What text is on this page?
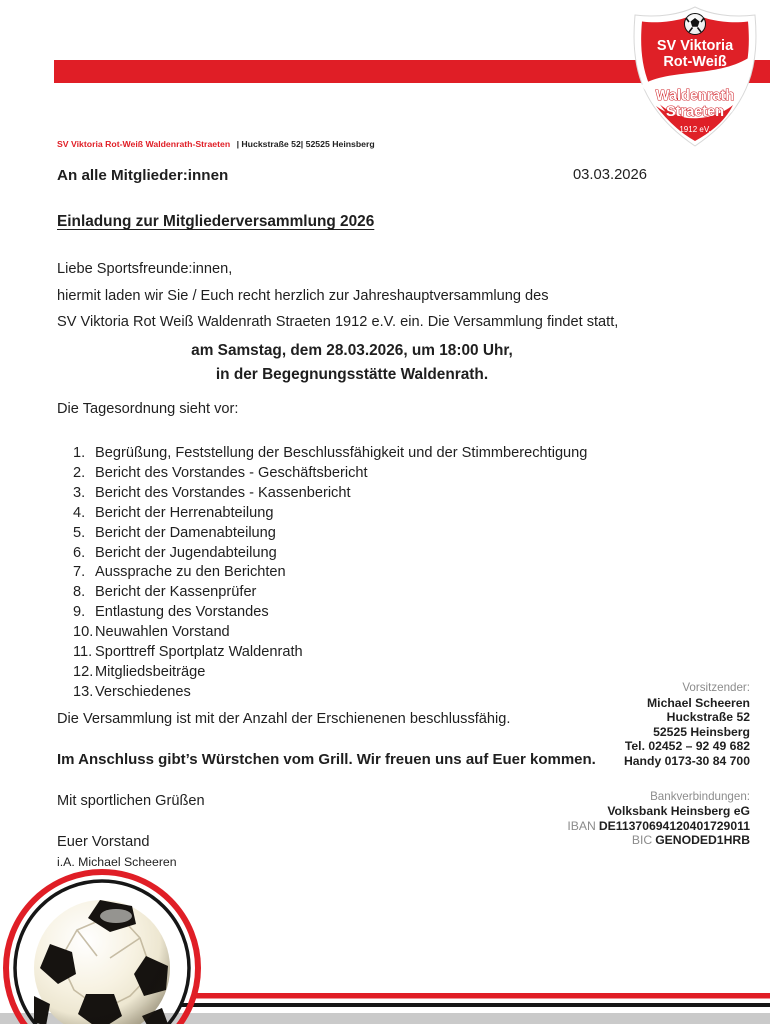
SV VIKTORIA ROT-WEIß  Waldenrath-Straeten  1912 e.V.

SV Viktoria
Rot-Weiß
Waldenrath
Straeten
1912 eV.
SV Viktoria Rot-Weiß Waldenrath-Straeten | Huckstraße 52| 52525 Heinsberg
An alle Mitglieder:innen	03.03.2026
Einladung zur Mitgliederversammlung 2026
Liebe Sportsfreunde:innen,
hiermit laden wir Sie / Euch recht herzlich zur Jahreshauptversammlung des
SV Viktoria Rot Weiß Waldenrath Straeten 1912 e.V. ein. Die Versammlung findet statt,
am Samstag, dem 28.03.2026, um 18:00 Uhr,
in der Begegnungsstätte Waldenrath.
Die Tagesordnung sieht vor:
1. Begrüßung, Feststellung der Beschlussfähigkeit und der Stimmberechtigung
2. Bericht des Vorstandes - Geschäftsbericht
3. Bericht des Vorstandes - Kassenbericht
4. Bericht der Herrenabteilung
5. Bericht der Damenabteilung
6. Bericht der Jugendabteilung
7. Aussprache zu den Berichten
8. Bericht der Kassenprüfer
9. Entlastung des Vorstandes
10. Neuwahlen Vorstand
11. Sporttreff Sportplatz Waldenrath
12. Mitgliedsbeiträge
13. Verschiedenes
Die Versammlung ist mit der Anzahl der Erschienenen beschlussfähig.
Im Anschluss gibt’s Würstchen vom Grill. Wir freuen uns auf Euer kommen.
Mit sportlichen Grüßen
Euer Vorstand
i.A. Michael Scheeren
Vorsitzender:
Michael Scheeren
Huckstraße 52
52525 Heinsberg
Tel. 02452 – 92 49 682
Handy 0173-30 84 700
Bankverbindungen:
Volksbank Heinsberg eG
IBAN DE11370694120401729011
BIC GENODED1HRB
